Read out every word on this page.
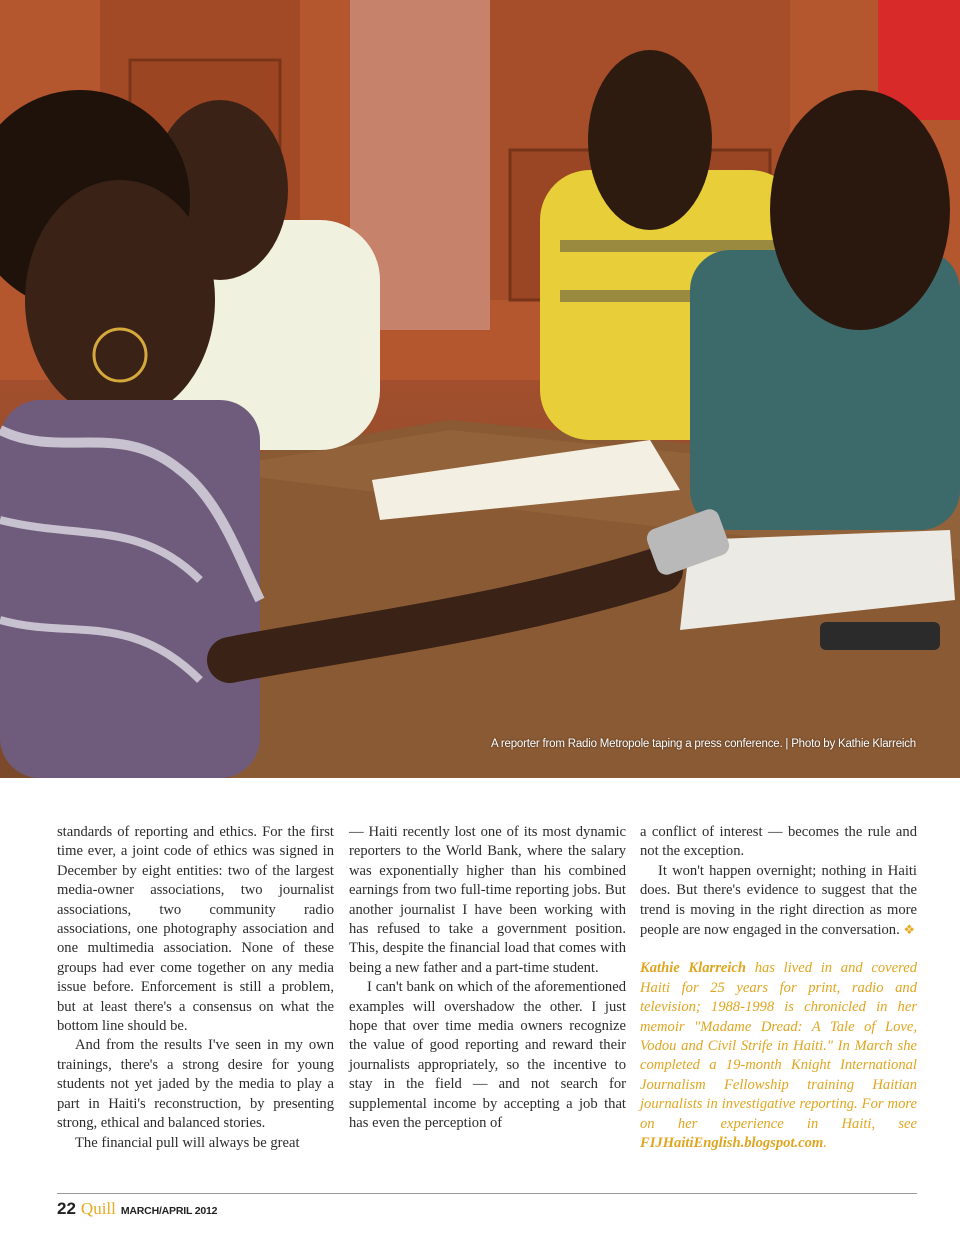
A reporter from Radio Metropole taping a press conference. | Photo by Kathie Klarreich

standards of reporting and ethics. For the first time ever, a joint code of ethics was signed in December by eight entities: two of the largest media-owner associations, two journalist associations, two community radio associations, one photography association and one multimedia association. None of these groups had ever come together on any media issue before. Enforcement is still a problem, but at least there's a consensus on what the bottom line should be.

And from the results I've seen in my own trainings, there's a strong desire for young students not yet jaded by the media to play a part in Haiti's reconstruction, by presenting strong, ethical and balanced stories.

The financial pull will always be great

— Haiti recently lost one of its most dynamic reporters to the World Bank, where the salary was exponentially higher than his combined earnings from two full-time reporting jobs. But another journalist I have been working with has refused to take a government position. This, despite the financial load that comes with being a new father and a part-time student.

I can't bank on which of the aforementioned examples will overshadow the other. I just hope that over time media owners recognize the value of good reporting and reward their journalists appropriately, so the incentive to stay in the field — and not search for supplemental income by accepting a job that has even the perception of

a conflict of interest — becomes the rule and not the exception.

It won't happen overnight; nothing in Haiti does. But there's evidence to suggest that the trend is moving in the right direction as more people are now engaged in the conversation. ❖

Kathie Klarreich has lived in and covered Haiti for 25 years for print, radio and television; 1988-1998 is chronicled in her memoir "Madame Dread: A Tale of Love, Vodou and Civil Strife in Haiti." In March she completed a 19-month Knight International Journalism Fellowship training Haitian journalists in investigative reporting. For more on her experience in Haiti, see FIJHaitiEnglish.blogspot.com.

22 Quill MARCH/APRIL 2012
